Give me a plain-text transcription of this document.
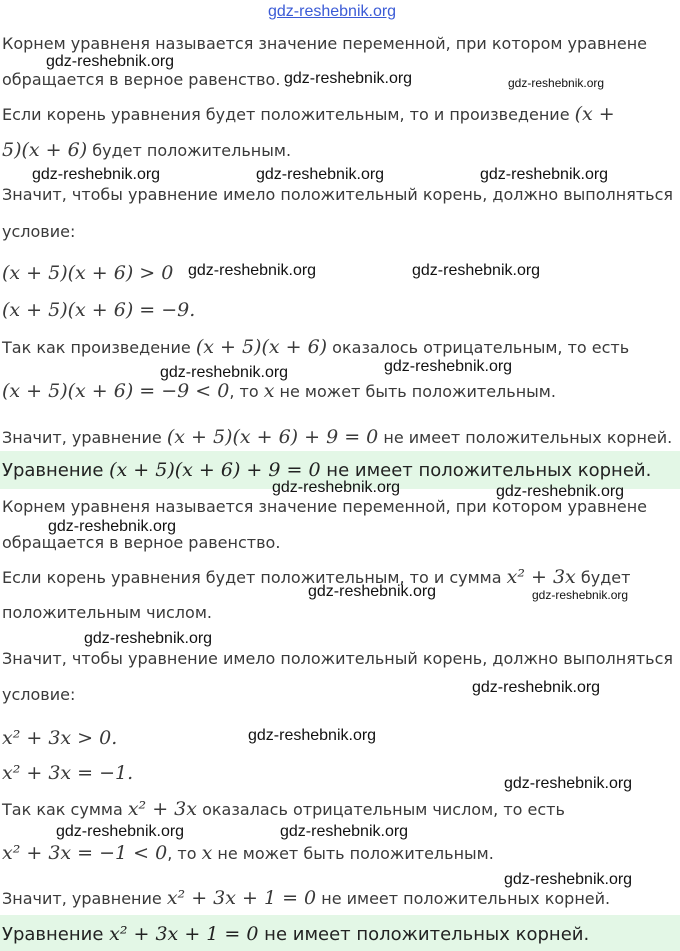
gdz-reshebnik.org
Корнем уравненя называется значение переменной, при котором уравнене
обращается в верное равенство.
Если корень уравнения будет положительным, то и произведение (x +
5)(x + 6) будет положительным.
Значит, чтобы уравнение имело положительный корень, должно выполняться
условие:
(x + 5)(x + 6) > 0
(x + 5)(x + 6) = −9.
Так как произведение (x + 5)(x + 6) оказалось отрицательным, то есть
(x + 5)(x + 6) = −9 < 0, то x не может быть положительным.
Значит, уравнение (x + 5)(x + 6) + 9 = 0 не имеет положительных корней.
Уравнение (x + 5)(x + 6) + 9 = 0 не имеет положительных корней.
Корнем уравненя называется значение переменной, при котором уравнене
обращается в верное равенство.
Если корень уравнения будет положительным, то и сумма x² + 3x будет
положительным числом.
Значит, чтобы уравнение имело положительный корень, должно выполняться
условие:
x² + 3x > 0.
x² + 3x = −1.
Так как сумма x² + 3x оказалась отрицательным числом, то есть
x² + 3x = −1 < 0, то x не может быть положительным.
Значит, уравнение x² + 3x + 1 = 0 не имеет положительных корней.
Уравнение x² + 3x + 1 = 0 не имеет положительных корней.
gdz-reshebnik.org
gdz-reshebnik.org	gdz-reshebnik.org
gdz-reshebnik.org	gdz-reshebnik.org	gdz-reshebnik.org
gdz-reshebnik.org	gdz-reshebnik.org
gdz-reshebnik.org	gdz-reshebnik.org
gdz-reshebnik.org	gdz-reshebnik.org
gdz-reshebnik.org
gdz-reshebnik.org	gdz-reshebnik.org
gdz-reshebnik.org
gdz-reshebnik.org
gdz-reshebnik.org
gdz-reshebnik.org
gdz-reshebnik.org	gdz-reshebnik.org
gdz-reshebnik.org
